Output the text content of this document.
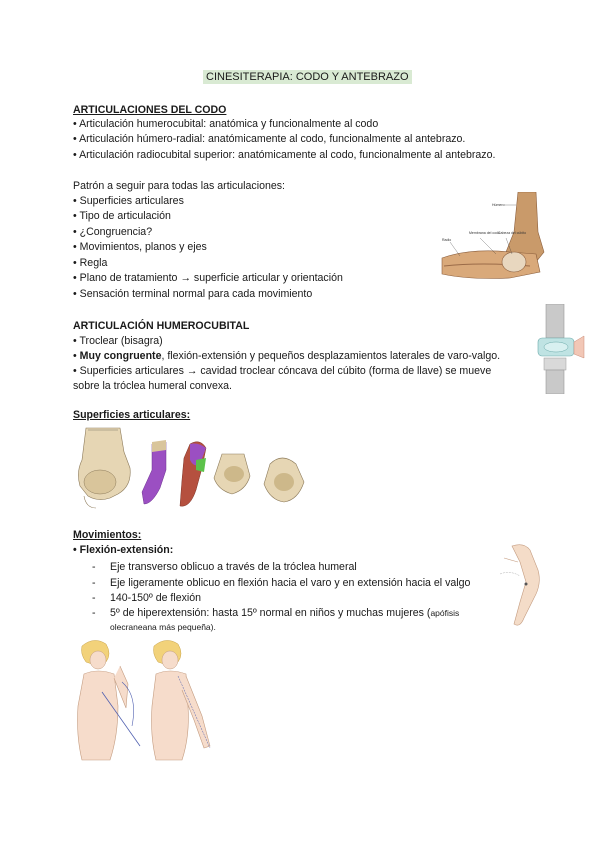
CINESITERAPIA: CODO Y ANTEBRAZO
ARTICULACIONES DEL CODO
• Articulación humerocubital: anatómica y funcionalmente al codo
• Articulación húmero-radial: anatómicamente al codo, funcionalmente al antebrazo.
• Articulación radiocubital superior: anatómicamente al codo, funcionalmente al antebrazo.
Patrón a seguir para todas las articulaciones:
• Superficies articulares
• Tipo de articulación
• ¿Congruencia?
• Movimientos, planos y ejes
• Regla
• Plano de tratamiento → superficie articular y orientación
• Sensación terminal normal para cada movimiento
Húmero
Radio
Membrana del codo
Cabeza del cúbito
ARTICULACIÓN HUMEROCUBITAL
• Troclear (bisagra)
• Muy congruente, flexión-extensión y pequeños desplazamientos laterales de varo-valgo.
• Superficies articulares → cavidad troclear cóncava del cúbito (forma de llave) se mueve
sobre la tróclea humeral convexa.
Superficies articulares:
Movimientos:
• Flexión-extensión:
- Eje transverso oblicuo a través de la tróclea humeral
- Eje ligeramente oblicuo en flexión hacia el varo y en extensión hacia el valgo
- 140-150º de flexión
- 5º de hiperextensión: hasta 15º normal en niños y muchas mujeres (apófisis
olecraneana más pequeña).
